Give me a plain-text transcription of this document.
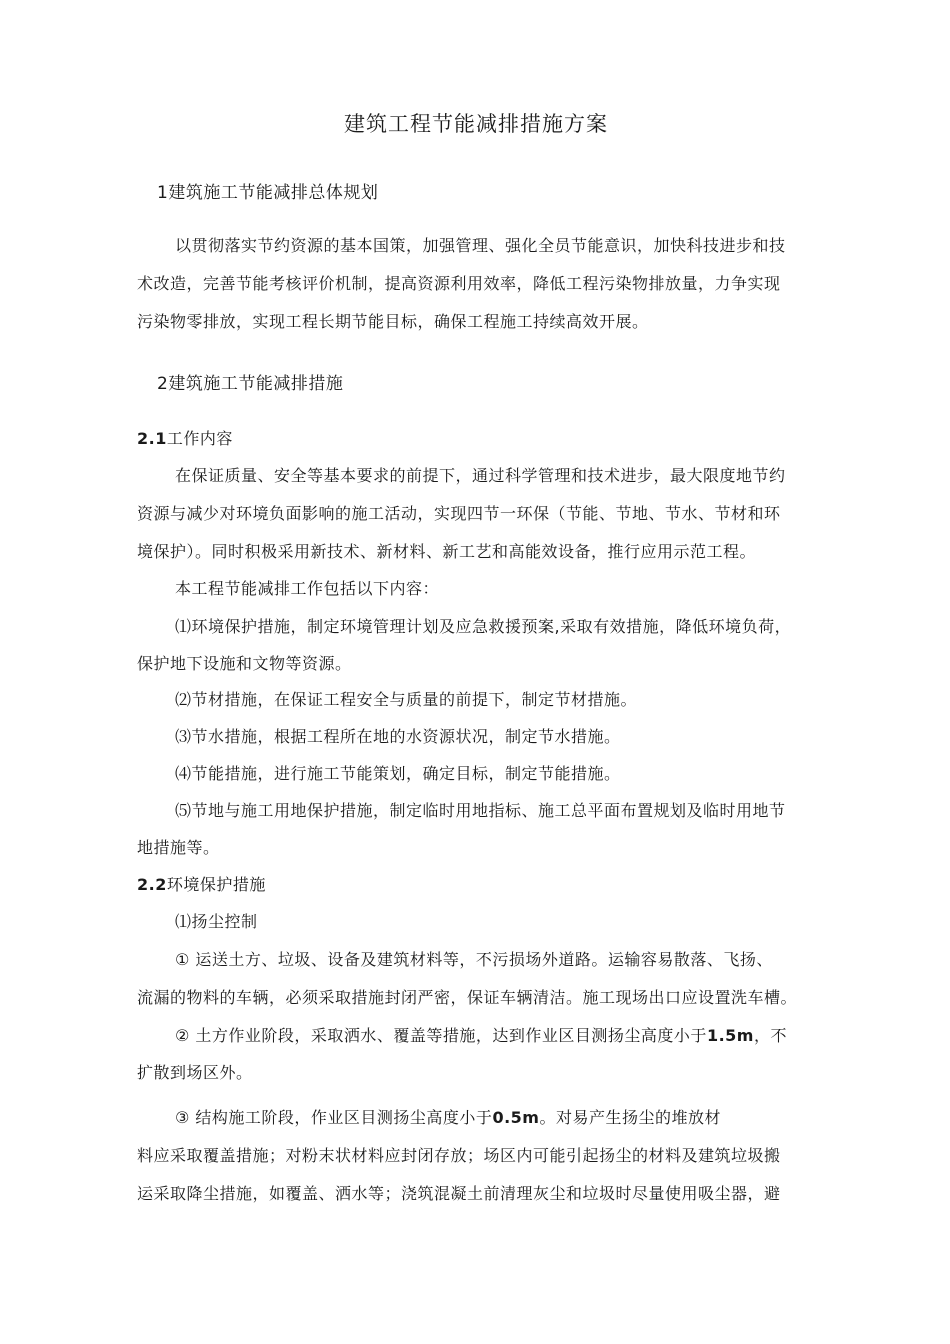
建筑工程节能减排措施方案
1建筑施工节能减排总体规划
以贯彻落实节约资源的基本国策，加强管理、强化全员节能意识，加快科技进步和技
术改造，完善节能考核评价机制，提高资源利用效率，降低工程污染物排放量，力争实现
污染物零排放，实现工程长期节能目标，确保工程施工持续高效开展。
2建筑施工节能减排措施
2.1工作内容
在保证质量、安全等基本要求的前提下，通过科学管理和技术进步，最大限度地节约
资源与减少对环境负面影响的施工活动，实现四节一环保（节能、节地、节水、节材和环
境保护）。同时积极采用新技术、新材料、新工艺和高能效设备，推行应用示范工程。
本工程节能减排工作包括以下内容：
⑴环境保护措施，制定环境管理计划及应急救援预案,采取有效措施，降低环境负荷，
保护地下设施和文物等资源。
⑵节材措施，在保证工程安全与质量的前提下，制定节材措施。
⑶节水措施，根据工程所在地的水资源状况，制定节水措施。
⑷节能措施，进行施工节能策划，确定目标，制定节能措施。
⑸节地与施工用地保护措施，制定临时用地指标、施工总平面布置规划及临时用地节
地措施等。
2.2环境保护措施
⑴扬尘控制
① 运送土方、垃圾、设备及建筑材料等，不污损场外道路。运输容易散落、飞扬、
流漏的物料的车辆，必须采取措施封闭严密，保证车辆清洁。施工现场出口应设置洗车槽。
② 土方作业阶段，采取洒水、覆盖等措施，达到作业区目测扬尘高度小于1.5m，不
扩散到场区外。
③ 结构施工阶段，作业区目测扬尘高度小于0.5m。对易产生扬尘的堆放材
料应采取覆盖措施；对粉末状材料应封闭存放；场区内可能引起扬尘的材料及建筑垃圾搬
运采取降尘措施，如覆盖、洒水等；浇筑混凝土前清理灰尘和垃圾时尽量使用吸尘器，避
